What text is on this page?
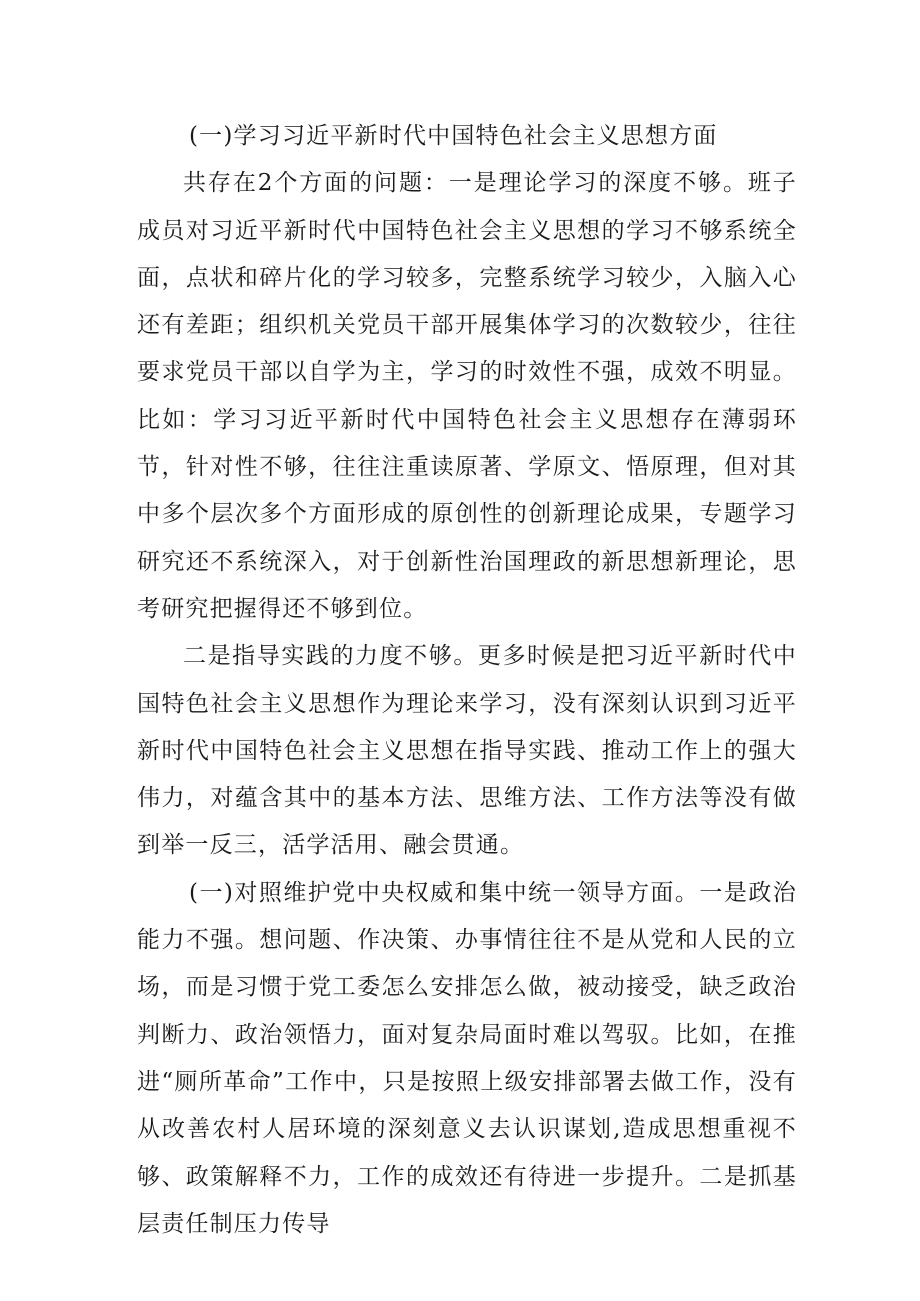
(一)学习习近平新时代中国特色社会主义思想方面

共存在2个方面的问题：一是理论学习的深度不够。班子成员对习近平新时代中国特色社会主义思想的学习不够系统全面，点状和碎片化的学习较多，完整系统学习较少，入脑入心还有差距；组织机关党员干部开展集体学习的次数较少，往往要求党员干部以自学为主，学习的时效性不强，成效不明显。比如：学习习近平新时代中国特色社会主义思想存在薄弱环节，针对性不够，往往注重读原著、学原文、悟原理，但对其中多个层次多个方面形成的原创性的创新理论成果，专题学习研究还不系统深入，对于创新性治国理政的新思想新理论，思考研究把握得还不够到位。

二是指导实践的力度不够。更多时候是把习近平新时代中国特色社会主义思想作为理论来学习，没有深刻认识到习近平新时代中国特色社会主义思想在指导实践、推动工作上的强大伟力，对蕴含其中的基本方法、思维方法、工作方法等没有做到举一反三，活学活用、融会贯通。

(一)对照维护党中央权威和集中统一领导方面。一是政治能力不强。想问题、作决策、办事情往往不是从党和人民的立场，而是习惯于党工委怎么安排怎么做，被动接受，缺乏政治判断力、政治领悟力，面对复杂局面时难以驾驭。比如，在推进“厕所革命”工作中，只是按照上级安排部署去做工作，没有从改善农村人居环境的深刻意义去认识谋划,造成思想重视不够、政策解释不力，工作的成效还有待进一步提升。二是抓基层责任制压力传导
